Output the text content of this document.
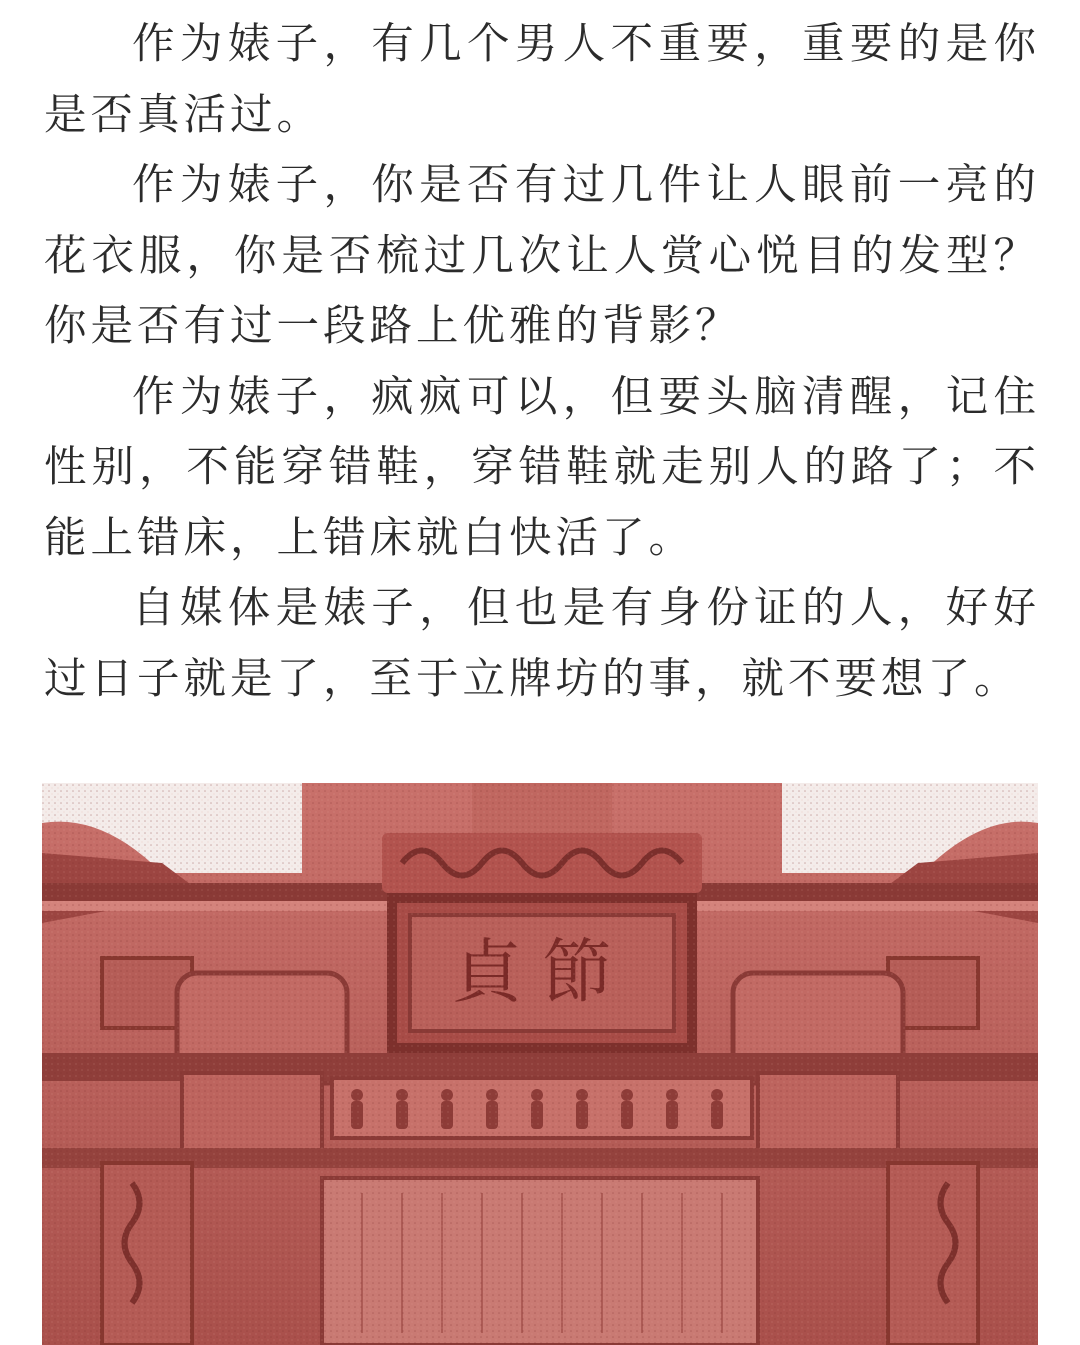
作为婊子，有几个男人不重要，重要的是你是否真活过。

作为婊子，你是否有过几件让人眼前一亮的花衣服，你是否梳过几次让人赏心悦目的发型？你是否有过一段路上优雅的背影？

作为婊子，疯疯可以，但要头脑清醒，记住性别，不能穿错鞋，穿错鞋就走别人的路了；不能上错床，上错床就白快活了。

自媒体是婊子，但也是有身份证的人，好好过日子就是了，至于立牌坊的事，就不要想了。
